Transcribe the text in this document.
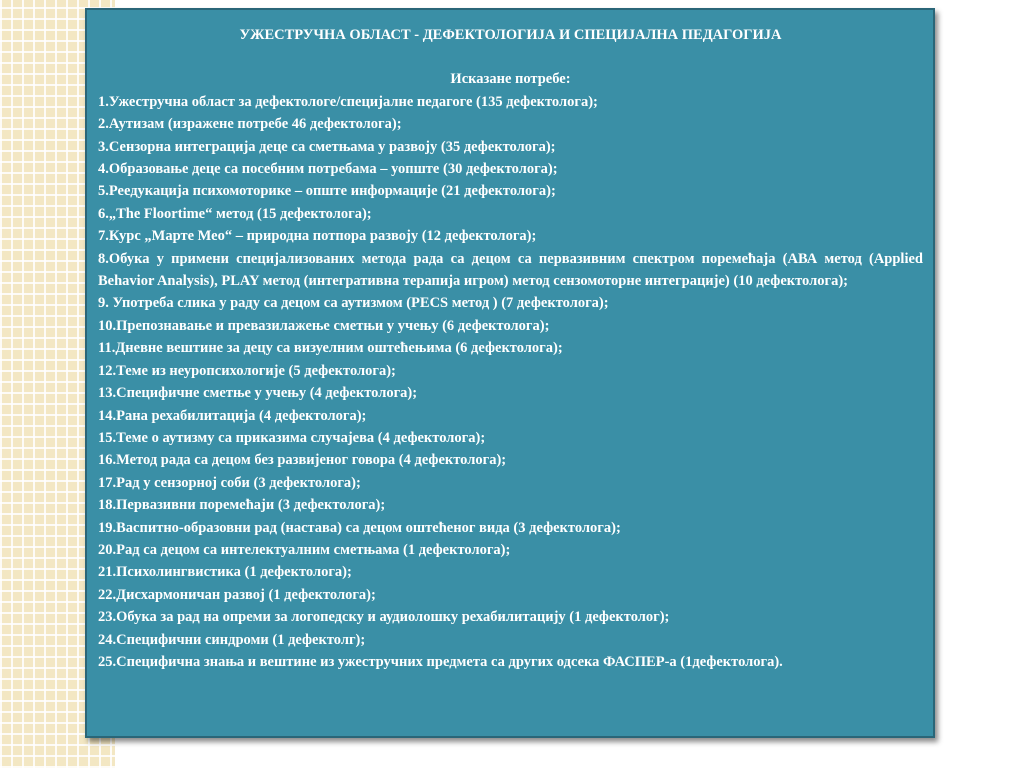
УЖЕСТРУЧНА ОБЛАСТ - ДЕФЕКТОЛОГИЈА И СПЕЦИЈАЛНА ПЕДАГОГИЈА
Исказане потребе:
1.Ужестручна област за дефектологе/специјалне педагоге (135 дефектолога);
2.Аутизам (изражене потребе 46 дефектолога);
3.Сензорна интеграција деце са сметњама у развоју (35 дефектолога);
4.Образовање деце са посебним потребама – уопште (30 дефектолога);
5.Реедукација психомоторике – опште информације (21 дефектолога);
6.„The Floortime“ метод (15 дефектолога);
7.Курс „Марте Мео“ – природна потпора развоју (12 дефектолога);
8.Обука у примени специјализованих метода рада са децом са первазивним спектром поремећаја (АВА метод (Applied Behavior Analysis), PLAY метод (интегративна терапија игром) метод сензомоторне интеграције) (10 дефектолога);
9. Употреба слика у раду са децом са аутизмом (PECS метод ) (7 дефектолога);
10.Препознавање и превазилажење сметњи у учењу (6 дефектолога);
11.Дневне вештине за децу са визуелним оштећењима (6 дефектолога);
12.Теме из неуропсихологије (5 дефектолога);
13.Специфичне сметње у учењу (4 дефектолога);
14.Рана рехабилитација (4 дефектолога);
15.Теме о аутизму са приказима случајева (4 дефектолога);
16.Метод рада са децом без развијеног говора (4 дефектолога);
17.Рад у сензорној соби (3 дефектолога);
18.Первазивни поремећаји (3 дефектолога);
19.Васпитно-образовни рад (настава) са децом оштећеног вида (3 дефектолога);
20.Рад са децом са интелектуалним сметњама (1 дефектолога);
21.Психолингвистика (1 дефектолога);
22.Дисхармоничан развој (1 дефектолога);
23.Обука за рад на опреми за логопедску и аудиолошку рехабилитацију (1 дефектолог);
24.Специфични синдроми (1 дефектолг);
25.Специфична знања и вештине из ужестручних предмета са других одсека ФАСПЕР-а (1дефектолога).
